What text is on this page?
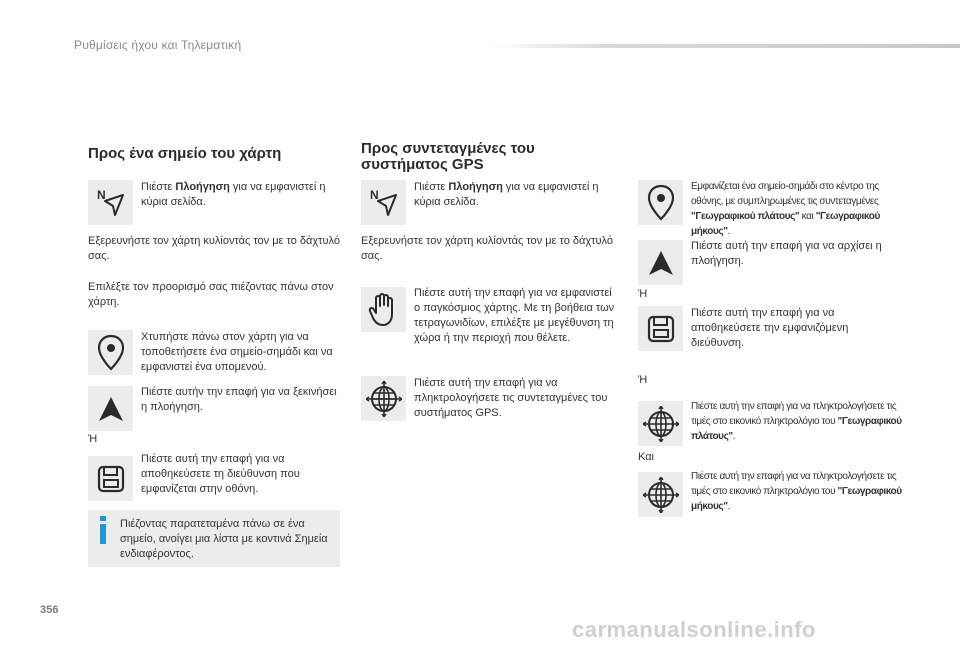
Ρυθμίσεις ήχου και Τηλεματική
Προς ένα σημείο του χάρτη
N
Πιέστε Πλοήγηση για να εμφανιστεί η κύρια σελίδα.
Εξερευνήστε τον χάρτη κυλίοντάς τον με το δάχτυλό σας.
Επιλέξτε τον προορισμό σας πιέζοντας πάνω στον χάρτη.
Χτυπήστε πάνω στον χάρτη για να τοποθετήσετε ένα σημείο-σημάδι και να εμφανιστεί ένα υπομενού.
Πιέστε αυτήν την επαφή για να ξεκινήσει η πλοήγηση.
Ή
Πιέστε αυτή την επαφή για να αποθηκεύσετε τη διεύθυνση που εμφανίζεται στην οθόνη.
Πιέζοντας παρατεταμένα πάνω σε ένα σημείο, ανοίγει μια λίστα με κοντινά Σημεία ενδιαφέροντος.
Προς συντεταγμένες του
συστήματος GPS
N
Πιέστε Πλοήγηση για να εμφανιστεί η κύρια σελίδα.
Εξερευνήστε τον χάρτη κυλίοντάς τον με το δάχτυλό σας.
Πιέστε αυτή την επαφή για να εμφανιστεί ο παγκόσμιος χάρτης. Με τη βοήθεια των τετραγωνιδίων, επιλέξτε με μεγέθυνση τη χώρα ή την περιοχή που θέλετε.
Πιέστε αυτή την επαφή για να πληκτρολογήσετε τις συντεταγμένες του συστήματος GPS.
Εμφανίζεται ένα σημείο-σημάδι στο κέντρο της οθόνης, με συμπληρωμένες τις συντεταγμένες "Γεωγραφικού πλάτους" και "Γεωγραφικού μήκους".
Πιέστε αυτή την επαφή για να αρχίσει η πλοήγηση.
Ή
Πιέστε αυτή την επαφή για να αποθηκεύσετε την εμφανιζόμενη διεύθυνση.
Ή
Πιέστε αυτή την επαφή για να πληκτρολογήσετε τις τιμές στο εικονικό πληκτρολόγιο του "Γεωγραφικού πλάτους".
Και
Πιέστε αυτή την επαφή για να πληκτρολογήσετε τις τιμές στο εικονικό πληκτρολόγιο του "Γεωγραφικού μήκους".
356
carmanualsonline.info
